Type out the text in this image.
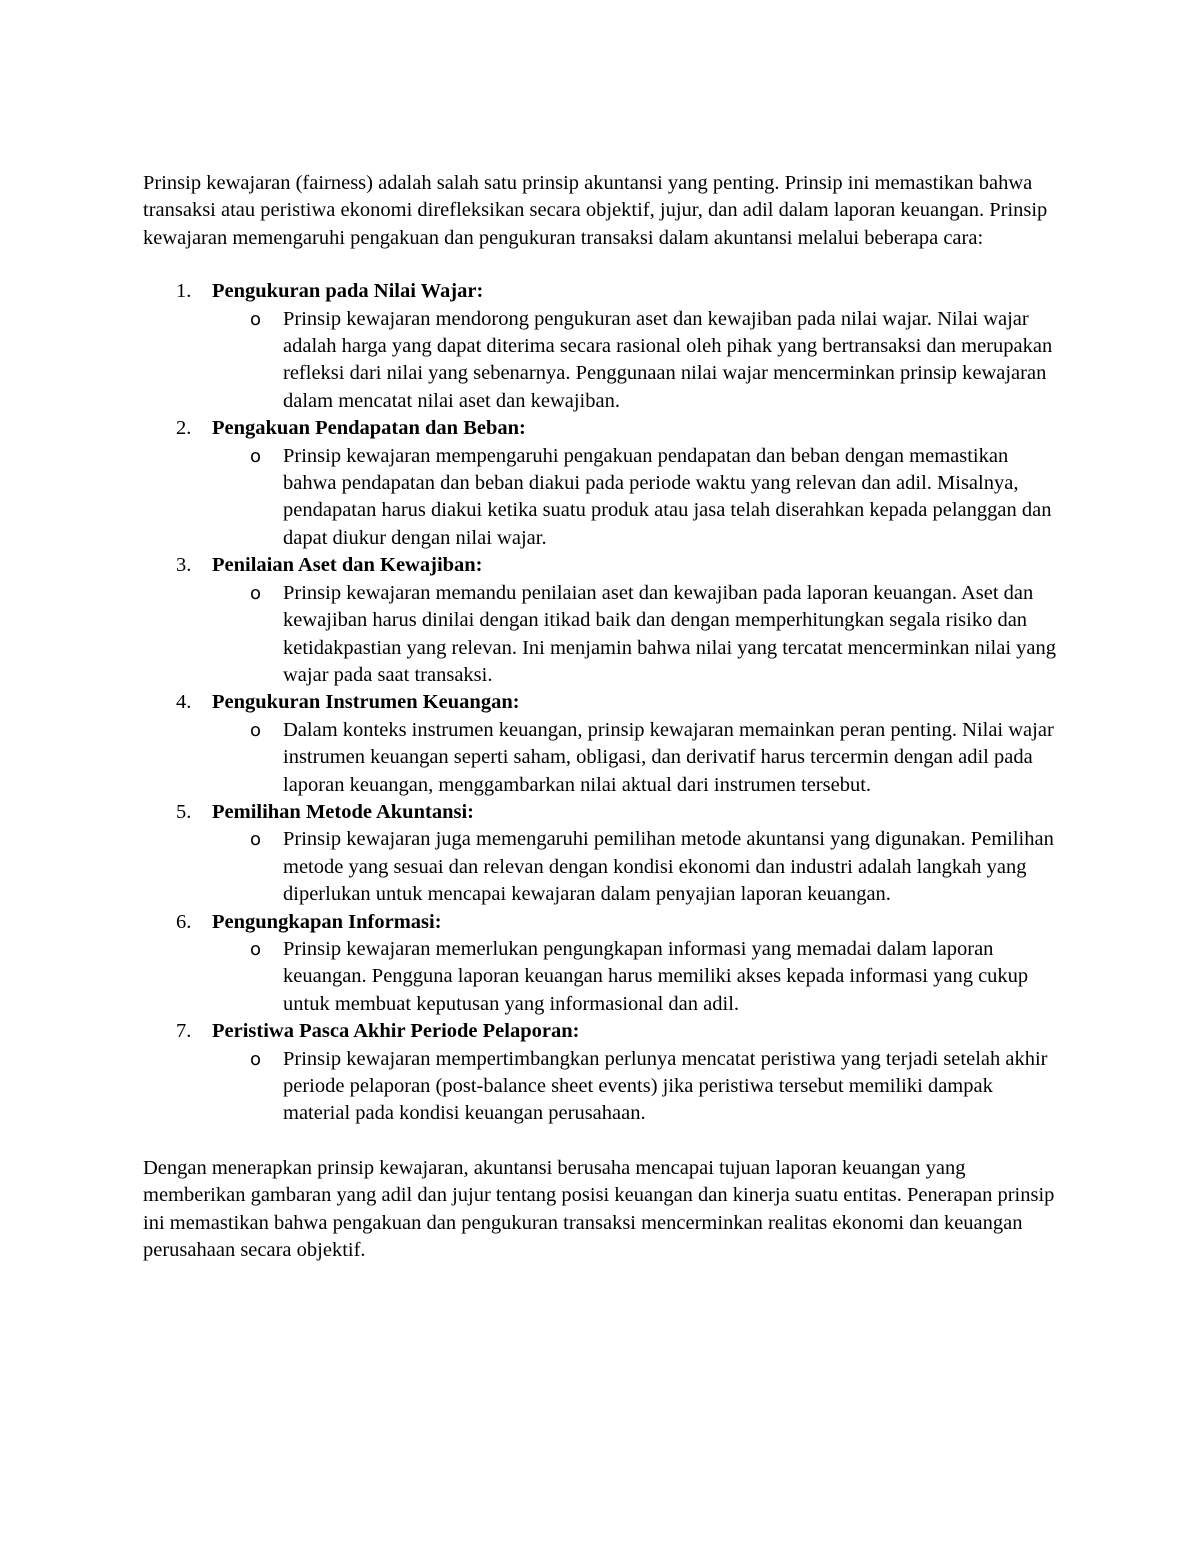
Prinsip kewajaran (fairness) adalah salah satu prinsip akuntansi yang penting. Prinsip ini memastikan bahwa transaksi atau peristiwa ekonomi direfleksikan secara objektif, jujur, dan adil dalam laporan keuangan. Prinsip kewajaran memengaruhi pengakuan dan pengukuran transaksi dalam akuntansi melalui beberapa cara:

1. Pengukuran pada Nilai Wajar:
o Prinsip kewajaran mendorong pengukuran aset dan kewajiban pada nilai wajar. Nilai wajar adalah harga yang dapat diterima secara rasional oleh pihak yang bertransaksi dan merupakan refleksi dari nilai yang sebenarnya. Penggunaan nilai wajar mencerminkan prinsip kewajaran dalam mencatat nilai aset dan kewajiban.
2. Pengakuan Pendapatan dan Beban:
o Prinsip kewajaran mempengaruhi pengakuan pendapatan dan beban dengan memastikan bahwa pendapatan dan beban diakui pada periode waktu yang relevan dan adil. Misalnya, pendapatan harus diakui ketika suatu produk atau jasa telah diserahkan kepada pelanggan dan dapat diukur dengan nilai wajar.
3. Penilaian Aset dan Kewajiban:
o Prinsip kewajaran memandu penilaian aset dan kewajiban pada laporan keuangan. Aset dan kewajiban harus dinilai dengan itikad baik dan dengan memperhitungkan segala risiko dan ketidakpastian yang relevan. Ini menjamin bahwa nilai yang tercatat mencerminkan nilai yang wajar pada saat transaksi.
4. Pengukuran Instrumen Keuangan:
o Dalam konteks instrumen keuangan, prinsip kewajaran memainkan peran penting. Nilai wajar instrumen keuangan seperti saham, obligasi, dan derivatif harus tercermin dengan adil pada laporan keuangan, menggambarkan nilai aktual dari instrumen tersebut.
5. Pemilihan Metode Akuntansi:
o Prinsip kewajaran juga memengaruhi pemilihan metode akuntansi yang digunakan. Pemilihan metode yang sesuai dan relevan dengan kondisi ekonomi dan industri adalah langkah yang diperlukan untuk mencapai kewajaran dalam penyajian laporan keuangan.
6. Pengungkapan Informasi:
o Prinsip kewajaran memerlukan pengungkapan informasi yang memadai dalam laporan keuangan. Pengguna laporan keuangan harus memiliki akses kepada informasi yang cukup untuk membuat keputusan yang informasional dan adil.
7. Peristiwa Pasca Akhir Periode Pelaporan:
o Prinsip kewajaran mempertimbangkan perlunya mencatat peristiwa yang terjadi setelah akhir periode pelaporan (post-balance sheet events) jika peristiwa tersebut memiliki dampak material pada kondisi keuangan perusahaan.

Dengan menerapkan prinsip kewajaran, akuntansi berusaha mencapai tujuan laporan keuangan yang memberikan gambaran yang adil dan jujur tentang posisi keuangan dan kinerja suatu entitas. Penerapan prinsip ini memastikan bahwa pengakuan dan pengukuran transaksi mencerminkan realitas ekonomi dan keuangan perusahaan secara objektif.
